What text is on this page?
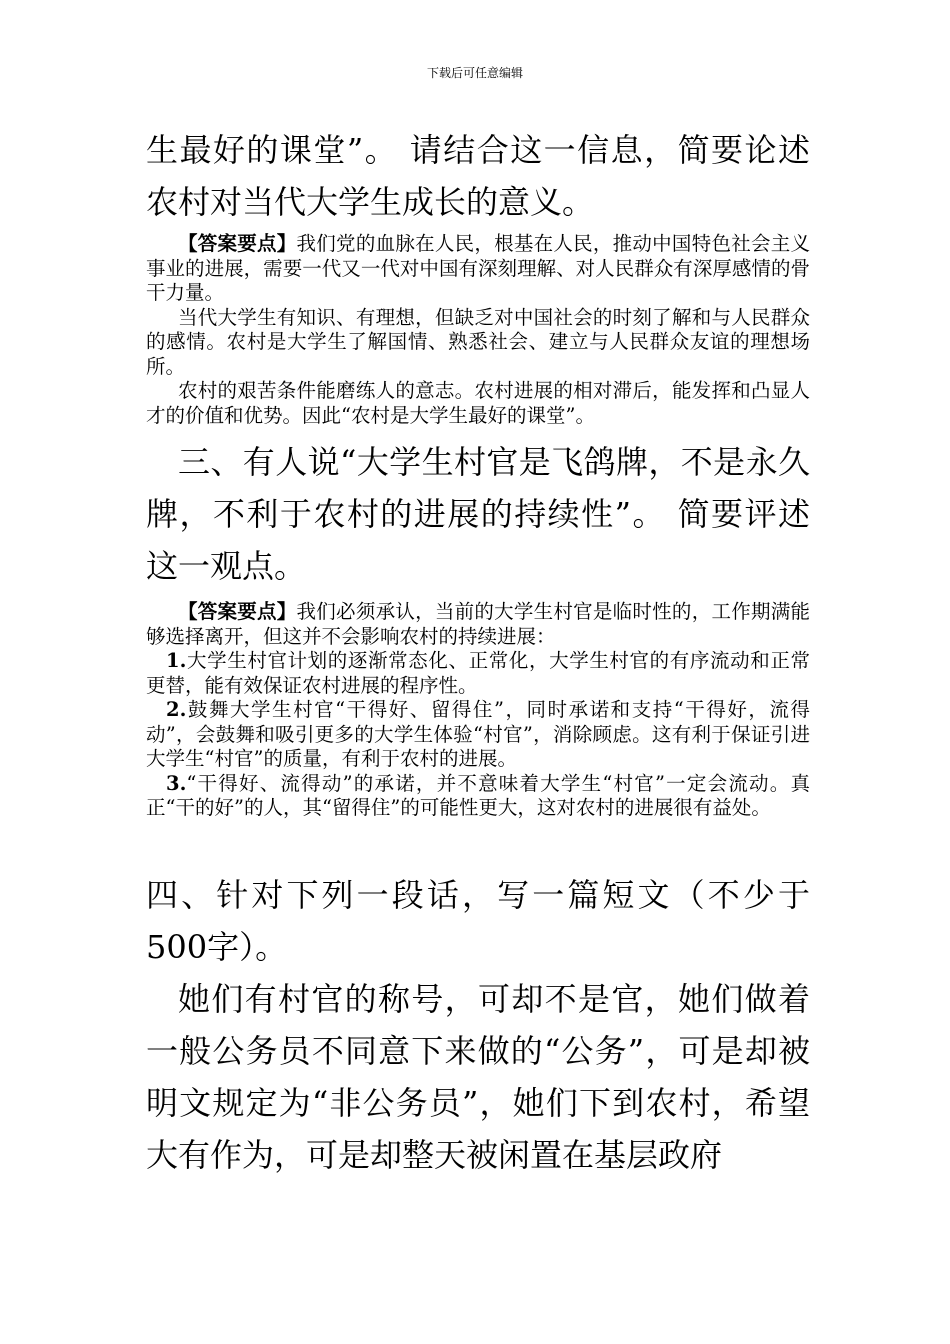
下载后可任意编辑

生最好的课堂”。 请结合这一信息，简要论述农村对当代大学生成长的意义。

【答案要点】我们党的血脉在人民，根基在人民，推动中国特色社会主义事业的进展，需要一代又一代对中国有深刻理解、对人民群众有深厚感情的骨干力量。

当代大学生有知识、有理想，但缺乏对中国社会的时刻了解和与人民群众的感情。农村是大学生了解国情、熟悉社会、建立与人民群众友谊的理想场所。

农村的艰苦条件能磨练人的意志。农村进展的相对滞后，能发挥和凸显人才的价值和优势。因此“农村是大学生最好的课堂”。

三、有人说“大学生村官是飞鸽牌，不是永久牌，不利于农村的进展的持续性”。 简要评述这一观点。

【答案要点】我们必须承认，当前的大学生村官是临时性的，工作期满能够选择离开，但这并不会影响农村的持续进展：

1.大学生村官计划的逐渐常态化、正常化，大学生村官的有序流动和正常更替，能有效保证农村进展的程序性。

2.鼓舞大学生村官“干得好、留得住”，同时承诺和支持“干得好，流得动”，会鼓舞和吸引更多的大学生体验“村官”，消除顾虑。这有利于保证引进大学生“村官”的质量，有利于农村的进展。

3.“干得好、流得动”的承诺，并不意味着大学生“村官”一定会流动。真正“干的好”的人，其“留得住”的可能性更大，这对农村的进展很有益处。

四、针对下列一段话，写一篇短文（不少于500字）。

她们有村官的称号，可却不是官，她们做着一般公务员不同意下来做的“公务”，可是却被明文规定为“非公务员”，她们下到农村，希望大有作为，可是却整天被闲置在基层政府
